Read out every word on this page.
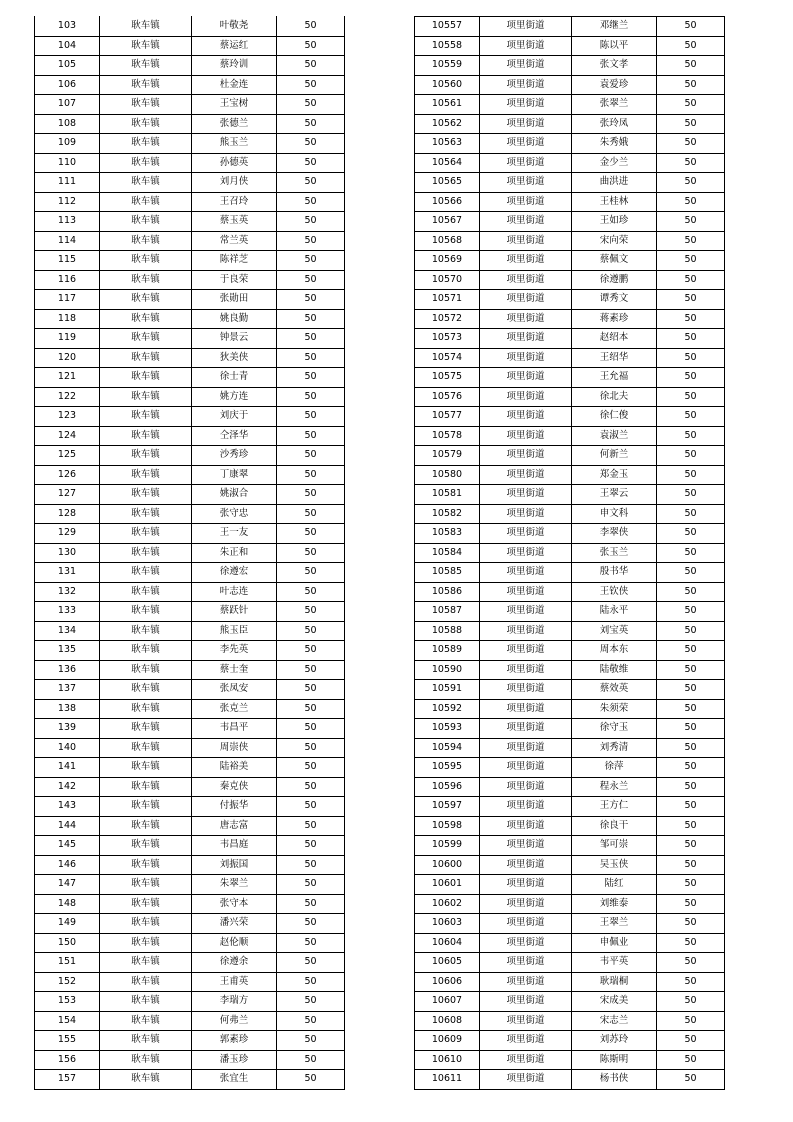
103	耿车镇	叶敬尧	50
104	耿车镇	蔡运红	50
105	耿车镇	蔡玲训	50
106	耿车镇	杜金连	50
107	耿车镇	王宝树	50
108	耿车镇	张德兰	50
109	耿车镇	熊玉兰	50
110	耿车镇	孙德英	50
111	耿车镇	刘月侠	50
112	耿车镇	王召玲	50
113	耿车镇	蔡玉英	50
114	耿车镇	常兰英	50
115	耿车镇	陈祥芝	50
116	耿车镇	于良荣	50
117	耿车镇	张勋田	50
118	耿车镇	姚良勤	50
119	耿车镇	钟景云	50
120	耿车镇	狄美侠	50
121	耿车镇	徐士青	50
122	耿车镇	姚方连	50
123	耿车镇	刘庆于	50
124	耿车镇	仝泽华	50
125	耿车镇	沙秀珍	50
126	耿车镇	丁康翠	50
127	耿车镇	姚淑合	50
128	耿车镇	张守忠	50
129	耿车镇	王一友	50
130	耿车镇	朱正和	50
131	耿车镇	徐遵宏	50
132	耿车镇	叶志连	50
133	耿车镇	蔡跃针	50
134	耿车镇	熊玉臣	50
135	耿车镇	李先英	50
136	耿车镇	蔡士奎	50
137	耿车镇	张凤安	50
138	耿车镇	张克兰	50
139	耿车镇	韦昌平	50
140	耿车镇	周崇侠	50
141	耿车镇	陆裕美	50
142	耿车镇	秦克侠	50
143	耿车镇	付振华	50
144	耿车镇	唐志富	50
145	耿车镇	韦昌庭	50
146	耿车镇	刘振国	50
147	耿车镇	朱翠兰	50
148	耿车镇	张守本	50
149	耿车镇	潘兴荣	50
150	耿车镇	赵伦顺	50
151	耿车镇	徐遵余	50
152	耿车镇	王甫英	50
153	耿车镇	李瑞方	50
154	耿车镇	何弗兰	50
155	耿车镇	郭素珍	50
156	耿车镇	潘玉珍	50
157	耿车镇	张宜生	50
10557	项里街道	邓继兰	50
10558	项里街道	陈以平	50
10559	项里街道	张文孝	50
10560	项里街道	袁爱珍	50
10561	项里街道	张翠兰	50
10562	项里街道	张玲凤	50
10563	项里街道	朱秀娥	50
10564	项里街道	金少兰	50
10565	项里街道	曲洪进	50
10566	项里街道	王桂林	50
10567	项里街道	王如珍	50
10568	项里街道	宋向荣	50
10569	项里街道	蔡佩文	50
10570	项里街道	徐遵鹏	50
10571	项里街道	谭秀文	50
10572	项里街道	蒋素珍	50
10573	项里街道	赵绍本	50
10574	项里街道	王绍华	50
10575	项里街道	王允福	50
10576	项里街道	徐北夫	50
10577	项里街道	徐仁俊	50
10578	项里街道	袁淑兰	50
10579	项里街道	何新兰	50
10580	项里街道	郑金玉	50
10581	项里街道	王翠云	50
10582	项里街道	申文科	50
10583	项里街道	李翠侠	50
10584	项里街道	张玉兰	50
10585	项里街道	殷书华	50
10586	项里街道	王钦侠	50
10587	项里街道	陆永平	50
10588	项里街道	刘宝英	50
10589	项里街道	周本东	50
10590	项里街道	陆敬维	50
10591	项里街道	蔡效英	50
10592	项里街道	朱须荣	50
10593	项里街道	徐守玉	50
10594	项里街道	刘秀清	50
10595	项里街道	徐萍	50
10596	项里街道	程永兰	50
10597	项里街道	王方仁	50
10598	项里街道	徐良干	50
10599	项里街道	邹可崇	50
10600	项里街道	吴玉侠	50
10601	项里街道	陆红	50
10602	项里街道	刘维泰	50
10603	项里街道	王翠兰	50
10604	项里街道	申佩业	50
10605	项里街道	韦平英	50
10606	项里街道	耿瑞桐	50
10607	项里街道	宋成美	50
10608	项里街道	宋志兰	50
10609	项里街道	刘苏玲	50
10610	项里街道	陈斯明	50
10611	项里街道	杨书侠	50
